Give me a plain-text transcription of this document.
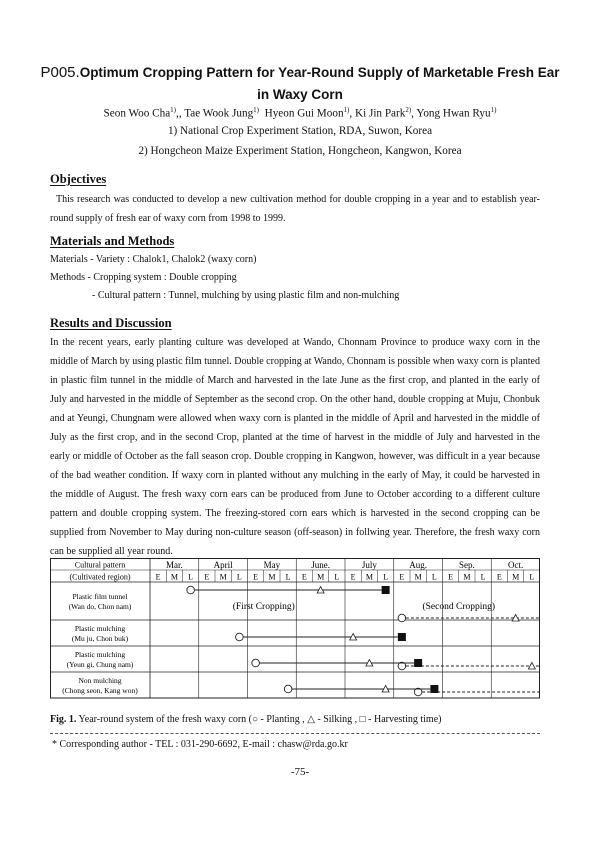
P005.Optimum Cropping Pattern for Year-Round Supply of Marketable Fresh Ear
in Waxy Corn
Seon Woo Cha$^{1)}$,, Tae Wook Jung$^{1)}$ Hyeon Gui Moon$^{1)}$, Ki Jin Park$^{2)}$, Yong Hwan Ryu$^{1)}$
1) National Crop Experiment Station, RDA, Suwon, Korea
2) Hongcheon Maize Experiment Station, Hongcheon, Kangwon, Korea
Objectives
This research was conducted to develop a new cultivation method for double cropping in a year and to establish year-round supply of fresh ear of waxy corn from 1998 to 1999.
Materials and Methods
Materials - Variety : Chalok1, Chalok2 (waxy corn)
Methods - Cropping system : Double cropping
- Cultural pattern : Tunnel, mulching by using plastic film and non-mulching
Results and Discussion
In the recent years, early planting culture was developed at Wando, Chonnam Province to produce waxy corn in the middle of March by using plastic film tunnel. Double cropping at Wando, Chonnam is possible when waxy corn is planted in plastic film tunnel in the middle of March and harvested in the late June as the first crop, and planted in the early of July and harvested in the middle of September as the second crop. On the other hand, double cropping at Muju, Chonbuk and at Yeungi, Chungnam were allowed when waxy corn is planted in the middle of April and harvested in the middle of July as the first crop, and in the second Crop, planted at the time of harvest in the middle of July and harvested in the early or middle of October as the fall season crop. Double cropping in Kangwon, however, was difficult in a year because of the bad weather condition. If waxy corn in planted without any mulching in the early of May, it could be harvested in the middle of August. The fresh waxy corn ears can be produced from June to October according to a different culture pattern and double cropping system. The freezing-stored corn ears which is harvested in the second cropping can be supplied from November to May during non-culture season (off-season) in follwing year. Therefore, the fresh waxy corn can be supplied all year round.
Cultural pattern
(Cultivated region)
Mar.
E M L
April
E M L
May
E M L
June.
E M L
July
E M L
Aug.
E M L
Sep.
E M L
Oct.
E M L
Plastic film tunnel
(Wan do, Chon nam)
Plastic mulching
(Mu ju, Chon buk)
Plastic mulching
(Yeun gi, Chung nam)
Non mulching
(Chong seon, Kang won)
(First Cropping)	(Second Cropping)
Fig. 1. Year-round system of the fresh waxy corn (○ - Planting , △ - Silking , □ - Harvesting time)
* Corresponding author - TEL : 031-290-6692, E-mail : chasw@rda.go.kr
-75-
